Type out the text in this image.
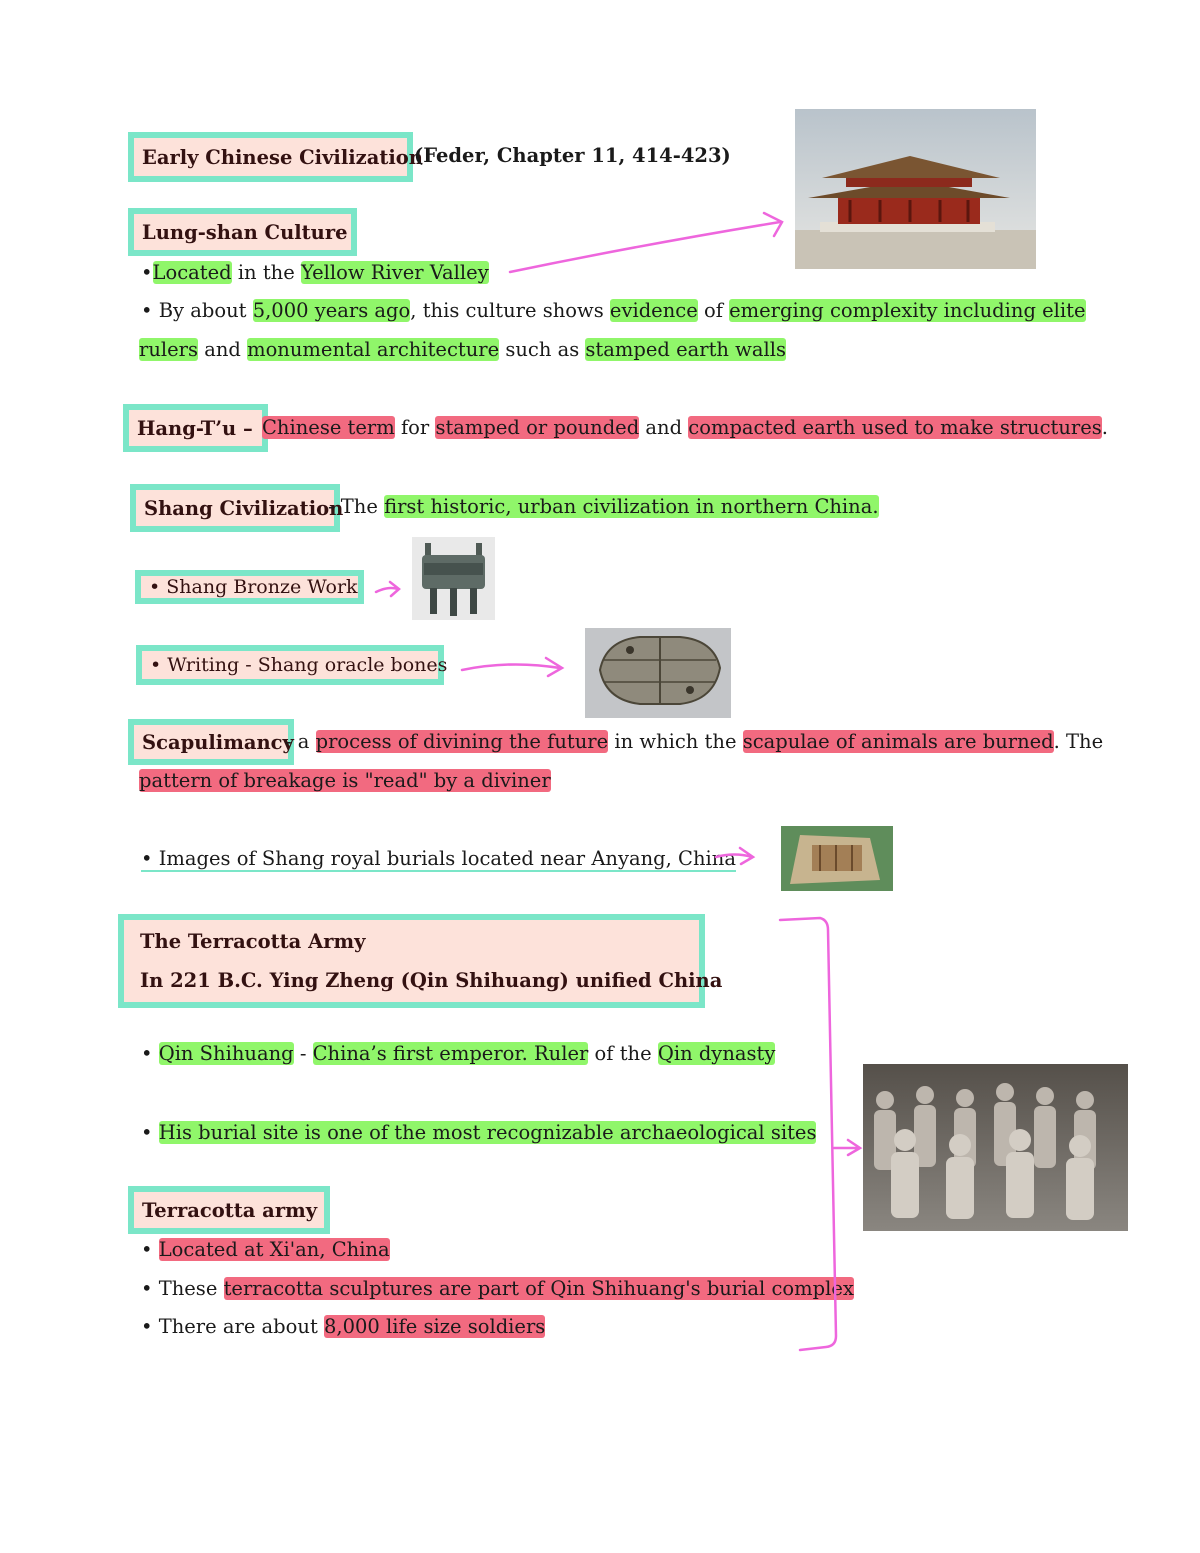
Early Chinese Civilization
(Feder, Chapter 11, 414-423)
Lung-shan Culture
•Located in the Yellow River Valley
• By about 5,000 years ago, this culture shows evidence of emerging complexity including elite
rulers and monumental architecture such as stamped earth walls
Hang-T’u – Chinese term for stamped or pounded and compacted earth used to make structures.
Shang Civilization
- The first historic, urban civilization in northern China.
• Shang Bronze Work
• Writing - Shang oracle bones
Scapulimancy
- a process of divining the future in which the scapulae of animals are burned. The
pattern of breakage is "read" by a diviner
• Images of Shang royal burials located near Anyang, China
The Terracotta Army
In 221 B.C. Ying Zheng (Qin Shihuang) unified China
• Qin Shihuang - China’s first emperor. Ruler of the Qin dynasty
• His burial site is one of the most recognizable archaeological sites
Terracotta army
• Located at Xi'an, China
• These terracotta sculptures are part of Qin Shihuang's burial complex
• There are about 8,000 life size soldiers
